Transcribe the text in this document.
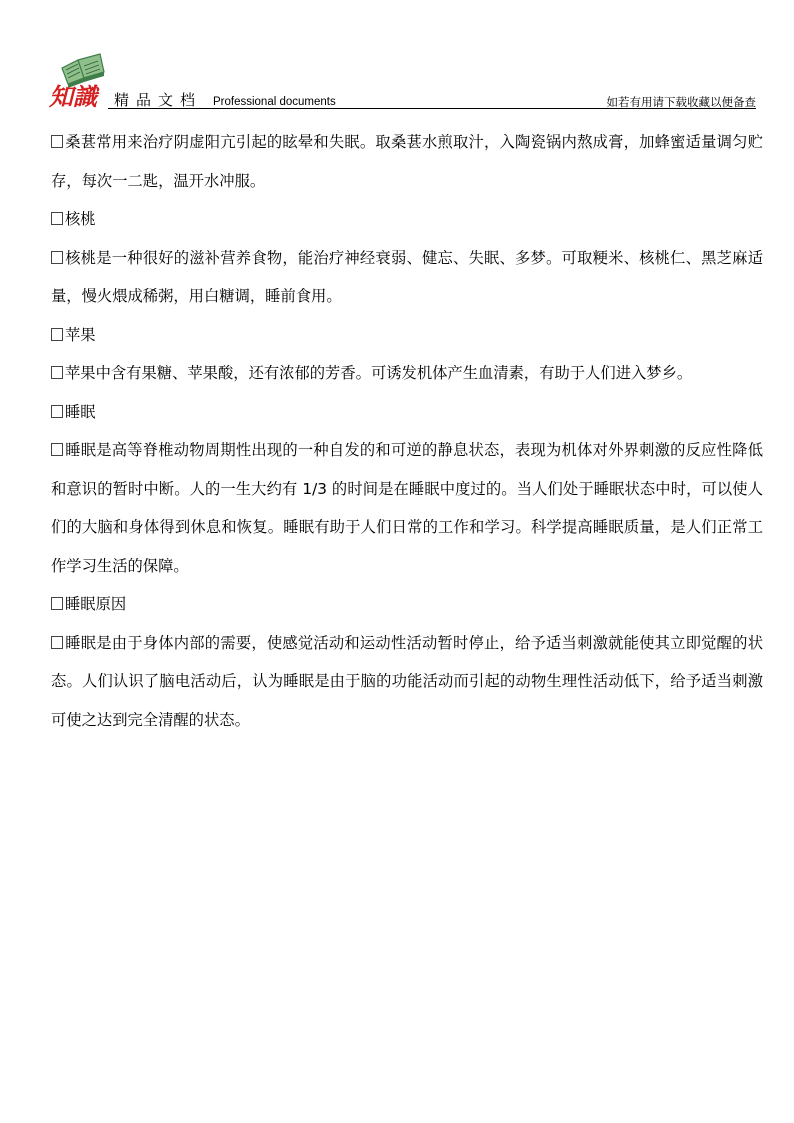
知識 精品文档 Professional documents	如若有用请下载收藏以便备查

桑葚常用来治疗阴虚阳亢引起的眩晕和失眠。取桑葚水煎取汁，入陶瓷锅内熬成膏，加蜂蜜适量调匀贮存，每次一二匙，温开水冲服。

核桃

核桃是一种很好的滋补营养食物，能治疗神经衰弱、健忘、失眠、多梦。可取粳米、核桃仁、黑芝麻适量，慢火煨成稀粥，用白糖调，睡前食用。

苹果

苹果中含有果糖、苹果酸，还有浓郁的芳香。可诱发机体产生血清素，有助于人们进入梦乡。

睡眠

睡眠是高等脊椎动物周期性出现的一种自发的和可逆的静息状态，表现为机体对外界刺激的反应性降低和意识的暂时中断。人的一生大约有 1/3 的时间是在睡眠中度过的。当人们处于睡眠状态中时，可以使人们的大脑和身体得到休息和恢复。睡眠有助于人们日常的工作和学习。科学提高睡眠质量，是人们正常工作学习生活的保障。

睡眠原因

睡眠是由于身体内部的需要，使感觉活动和运动性活动暂时停止，给予适当刺激就能使其立即觉醒的状态。人们认识了脑电活动后，认为睡眠是由于脑的功能活动而引起的动物生理性活动低下，给予适当刺激可使之达到完全清醒的状态。
